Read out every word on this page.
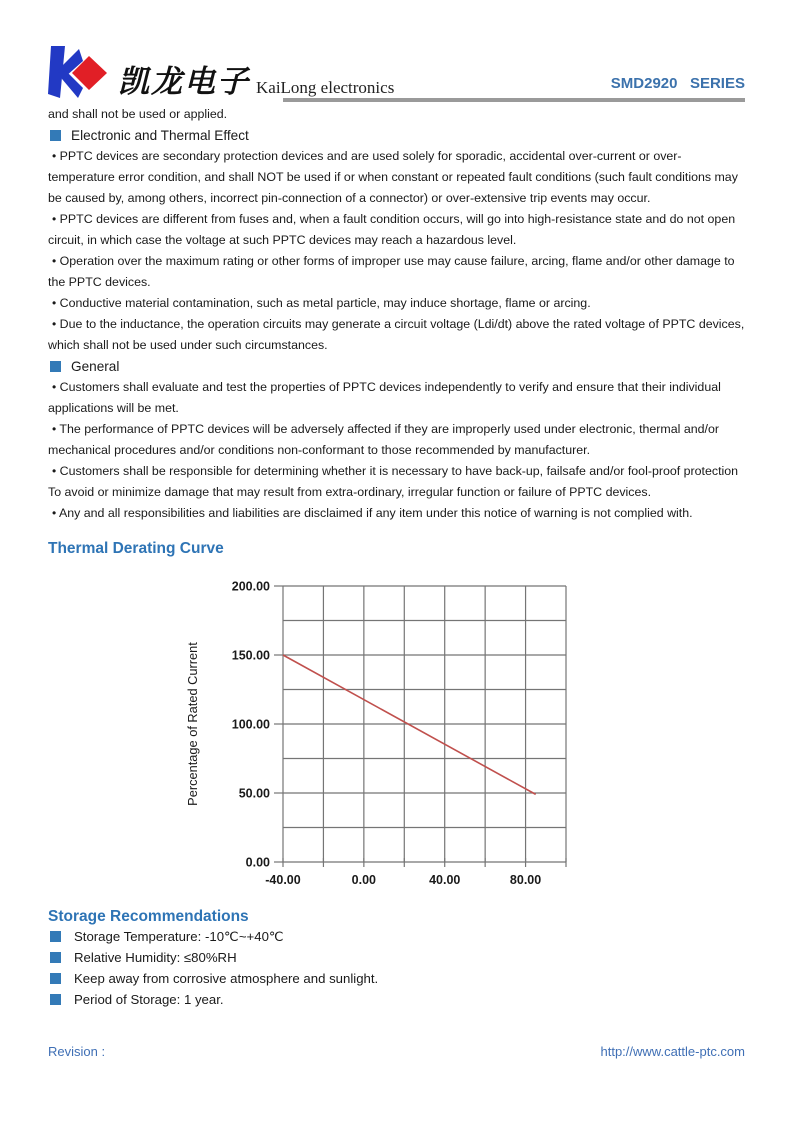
凯龙电子 KaiLong electronics	SMD2920   SERIES
and shall not be used or applied.
Electronic and Thermal Effect

• PPTC devices are secondary protection devices and are used solely for sporadic, accidental over-current or over-temperature error condition, and shall NOT be used if or when constant or repeated fault conditions (such fault conditions may be caused by, among others, incorrect pin-connection of a connector) or over-extensive trip events may occur.

• PPTC devices are different from fuses and, when a fault condition occurs, will go into high-resistance state and do not open circuit, in which case the voltage at such PPTC devices may reach a hazardous level.

• Operation over the maximum rating or other forms of improper use may cause failure, arcing, flame and/or other damage to the PPTC devices.

• Conductive material contamination, such as metal particle, may induce shortage, flame or arcing.

• Due to the inductance, the operation circuits may generate a circuit voltage (Ldi/dt) above the rated voltage of PPTC devices, which shall not be used under such circumstances.

General

• Customers shall evaluate and test the properties of PPTC devices independently to verify and ensure that their individual applications will be met.

• The performance of PPTC devices will be adversely affected if they are improperly used under electronic, thermal and/or mechanical procedures and/or conditions non-conformant to those recommended by manufacturer.

• Customers shall be responsible for determining whether it is necessary to have back-up, failsafe and/or fool-proof protection To avoid or minimize damage that may result from extra-ordinary, irregular function or failure of PPTC devices.

• Any and all responsibilities and liabilities are disclaimed if any item under this notice of warning is not complied with.

Thermal Derating Curve
0.00
50.00
100.00
150.00
200.00
-40.00	0.00	40.00	80.00
Percentage of Rated Current
Storage Recommendations
Storage Temperature: -10℃~+40℃
Relative Humidity: ≤80%RH
Keep away from corrosive atmosphere and sunlight.
Period of Storage: 1 year.
Revision :	http://www.cattle-ptc.com
